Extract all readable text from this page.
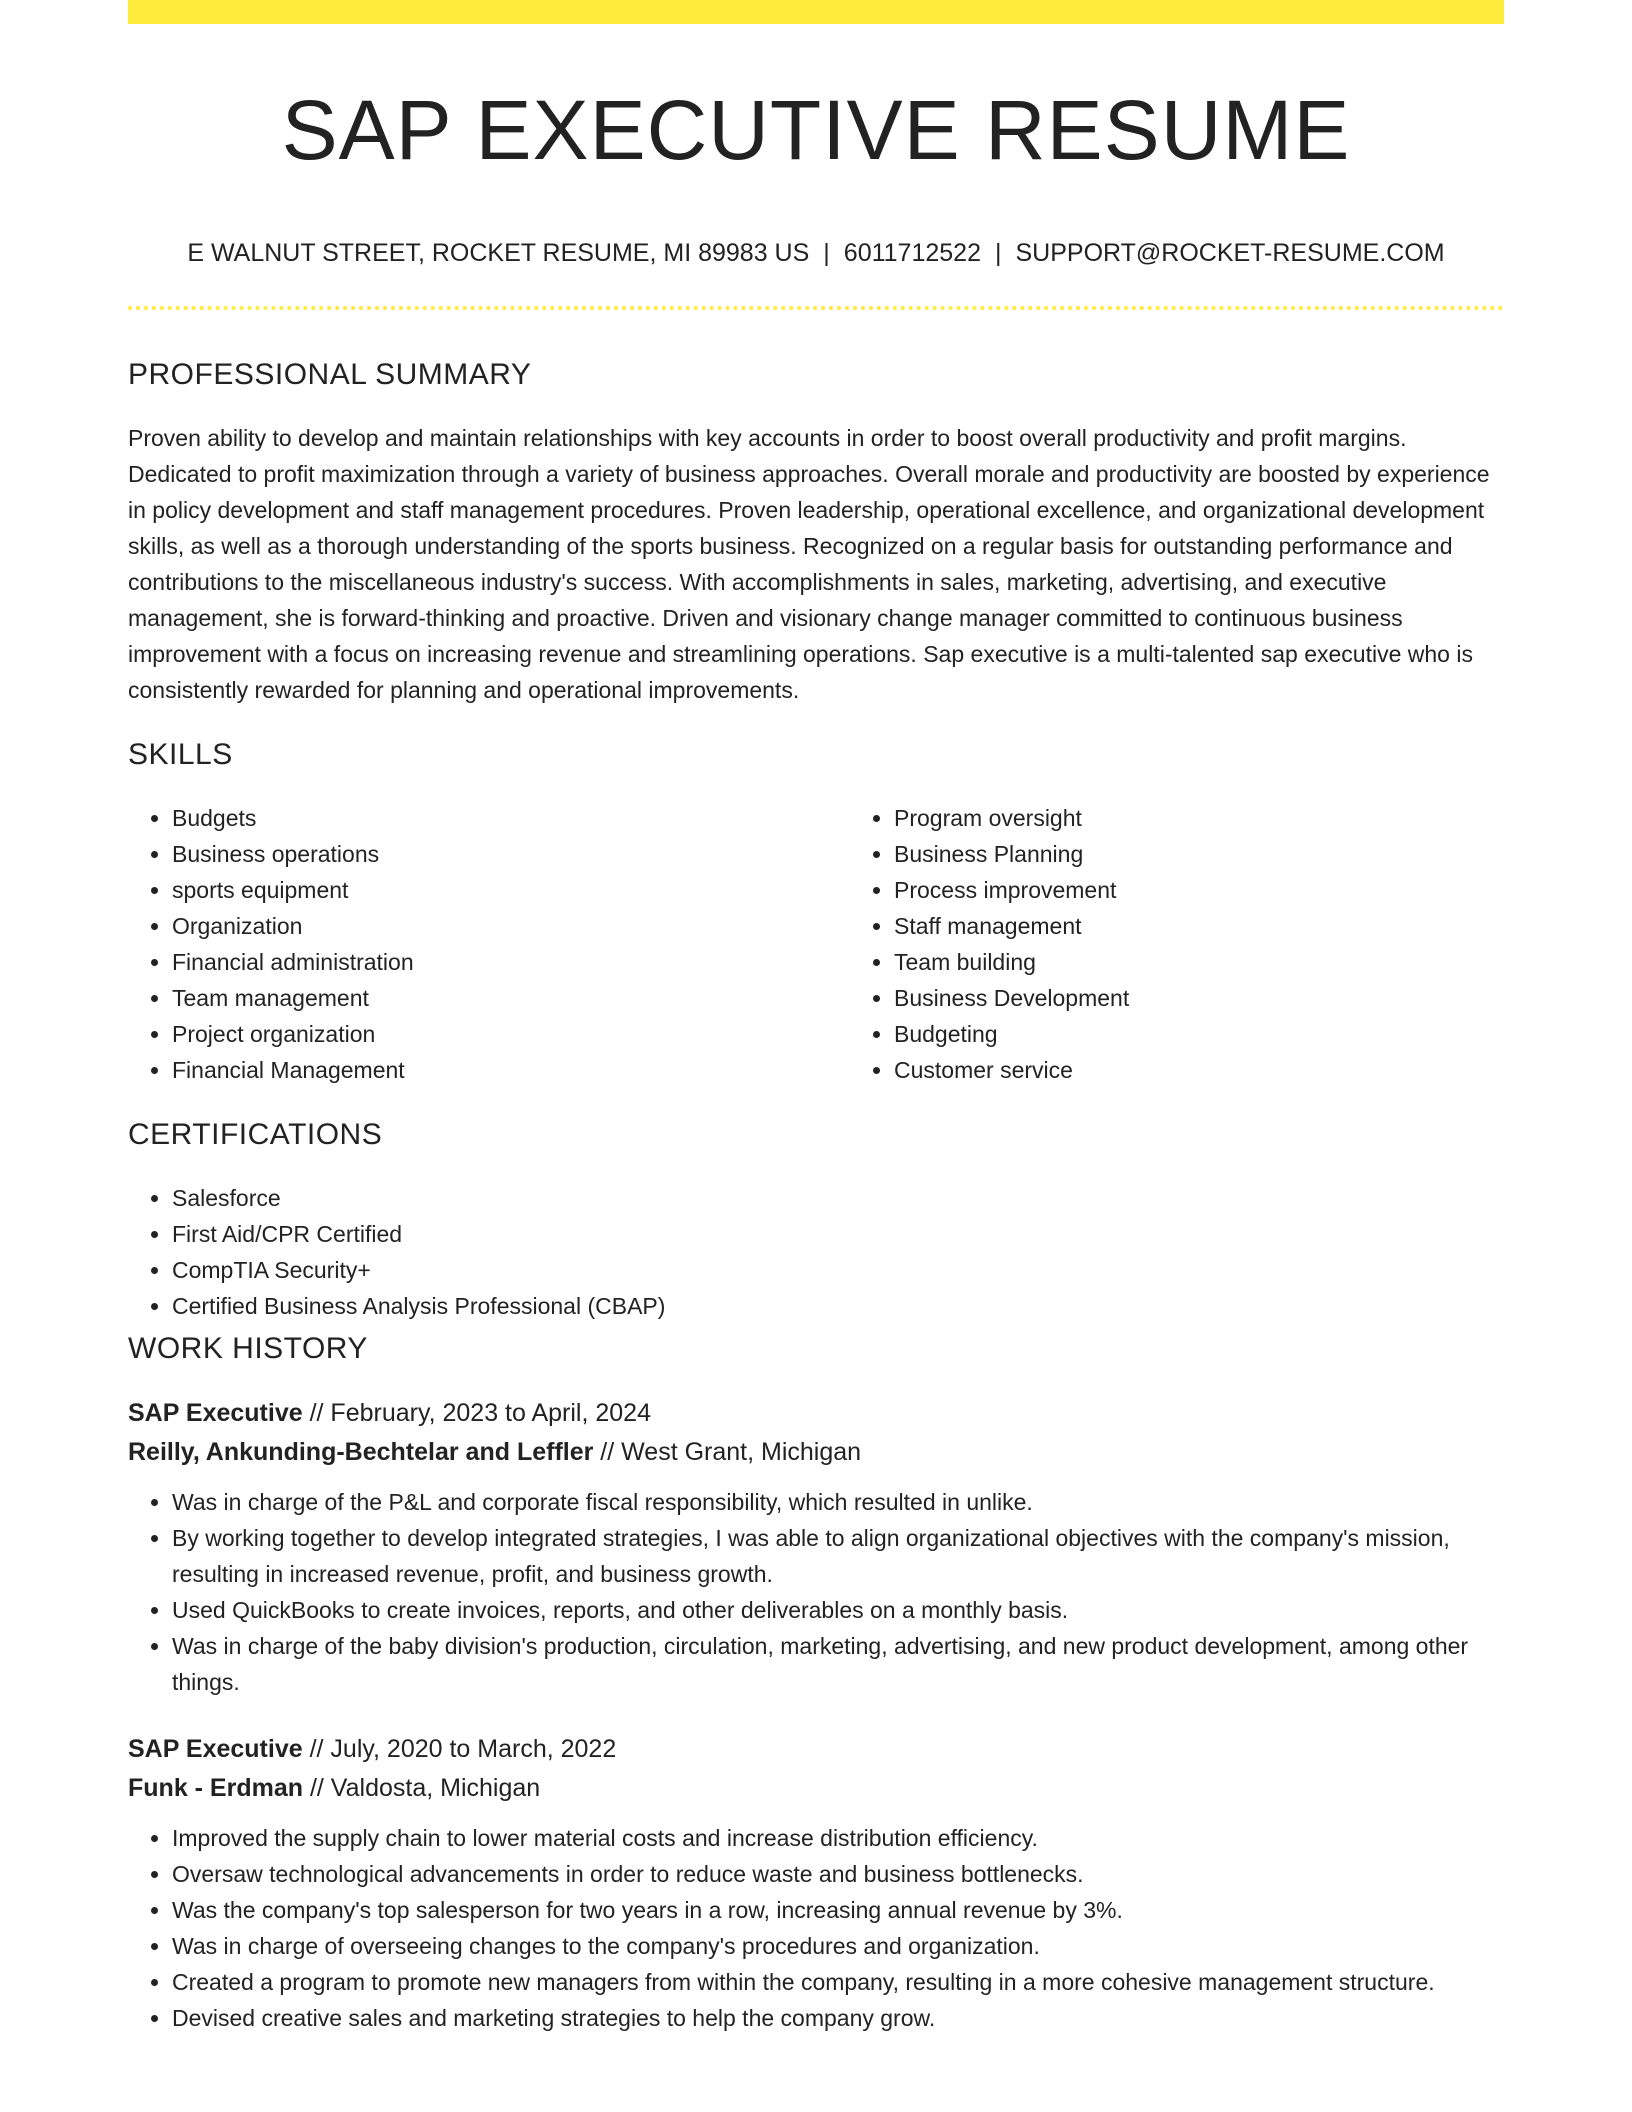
SAP EXECUTIVE RESUME
E WALNUT STREET, ROCKET RESUME, MI 89983 US | 6011712522 | SUPPORT@ROCKET-RESUME.COM
PROFESSIONAL SUMMARY

Proven ability to develop and maintain relationships with key accounts in order to boost overall productivity and profit margins. Dedicated to profit maximization through a variety of business approaches. Overall morale and productivity are boosted by experience in policy development and staff management procedures. Proven leadership, operational excellence, and organizational development skills, as well as a thorough understanding of the sports business. Recognized on a regular basis for outstanding performance and contributions to the miscellaneous industry's success. With accomplishments in sales, marketing, advertising, and executive management, she is forward-thinking and proactive. Driven and visionary change manager committed to continuous business improvement with a focus on increasing revenue and streamlining operations. Sap executive is a multi-talented sap executive who is consistently rewarded for planning and operational improvements.

SKILLS
• Budgets
• Business operations
• sports equipment
• Organization
• Financial administration
• Team management
• Project organization
• Financial Management
• Program oversight
• Business Planning
• Process improvement
• Staff management
• Team building
• Business Development
• Budgeting
• Customer service
CERTIFICATIONS
• Salesforce
• First Aid/CPR Certified
• CompTIA Security+
• Certified Business Analysis Professional (CBAP)
WORK HISTORY
SAP Executive // February, 2023 to April, 2024
Reilly, Ankunding-Bechtelar and Leffler // West Grant, Michigan
• Was in charge of the P&L and corporate fiscal responsibility, which resulted in unlike.
• By working together to develop integrated strategies, I was able to align organizational objectives with the company's mission, resulting in increased revenue, profit, and business growth.
• Used QuickBooks to create invoices, reports, and other deliverables on a monthly basis.
• Was in charge of the baby division's production, circulation, marketing, advertising, and new product development, among other things.
SAP Executive // July, 2020 to March, 2022
Funk - Erdman // Valdosta, Michigan
• Improved the supply chain to lower material costs and increase distribution efficiency.
• Oversaw technological advancements in order to reduce waste and business bottlenecks.
• Was the company's top salesperson for two years in a row, increasing annual revenue by 3%.
• Was in charge of overseeing changes to the company's procedures and organization.
• Created a program to promote new managers from within the company, resulting in a more cohesive management structure.
• Devised creative sales and marketing strategies to help the company grow.
